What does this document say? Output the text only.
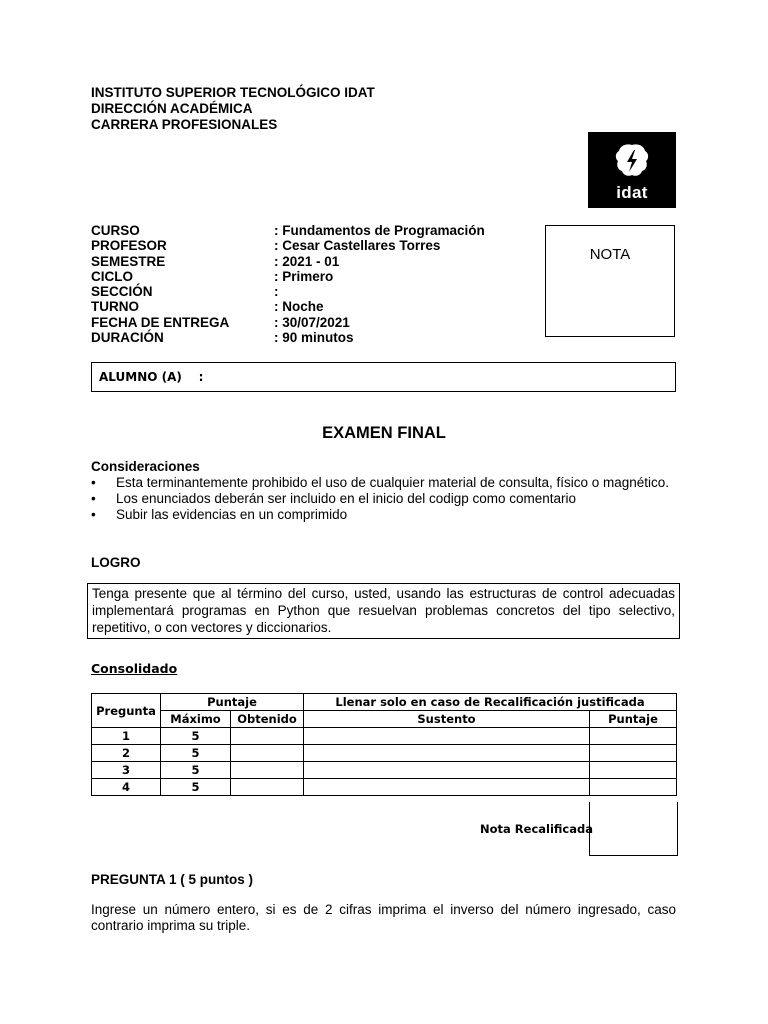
INSTITUTO SUPERIOR TECNOLÓGICO IDAT
DIRECCIÓN ACADÉMICA
CARRERA PROFESIONALES
idat
CURSO	: Fundamentos de Programación
PROFESOR	: Cesar Castellares Torres
SEMESTRE	: 2021 - 01
CICLO	: Primero
SECCIÓN	:
TURNO	: Noche
FECHA DE ENTREGA	: 30/07/2021
DURACIÓN	: 90 minutos
NOTA
ALUMNO (A)    :
EXAMEN FINAL
Consideraciones
• Esta terminantemente prohibido el uso de cualquier material de consulta, físico o magnético.
• Los enunciados deberán ser incluido en el inicio del codigp como comentario
• Subir las evidencias en un comprimido
LOGRO
Tenga presente que al término del curso, usted, usando las estructuras de control adecuadas implementará programas en Python que resuelvan problemas concretos del tipo selectivo, repetitivo, o con vectores y diccionarios.
Consolidado
Pregunta	Puntaje		Llenar solo en caso de Recalificación justificada	
	Máximo	Obtenido	Sustento	Puntaje
1	5			
2	5			
3	5			
4	5			
Nota Recalificada
PREGUNTA 1 ( 5 puntos )
Ingrese un número entero, si es de 2 cifras imprima el inverso del número ingresado, caso contrario imprima su triple.
